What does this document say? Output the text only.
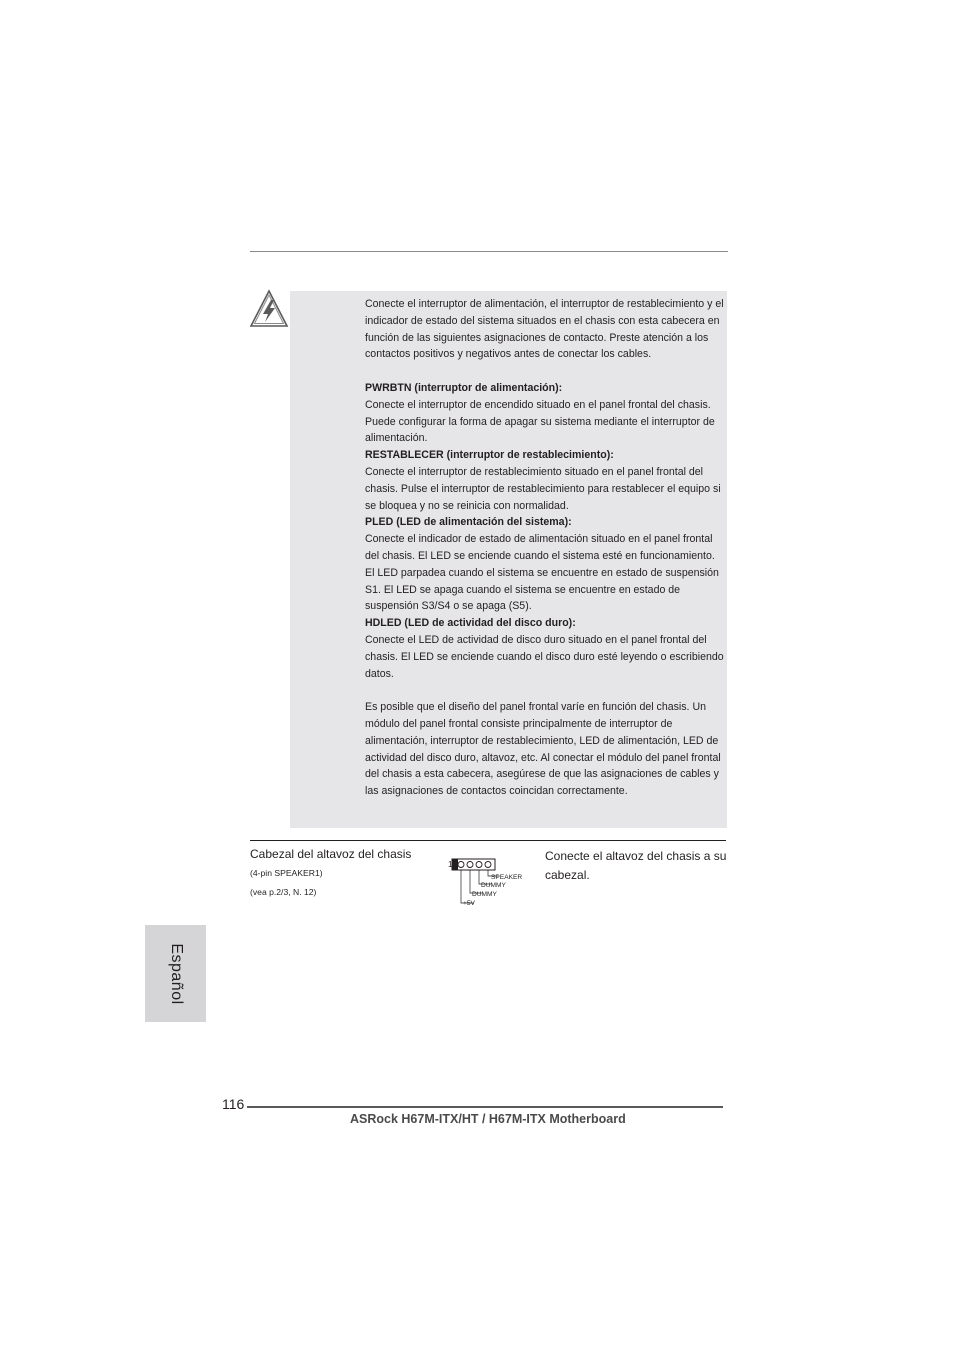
Conecte el interruptor de alimentación, el interruptor de restablecimiento y el indicador de estado del sistema situados en el chasis con esta cabecera en función de las siguientes asignaciones de contacto. Preste atención a los contactos positivos y negativos antes de conectar los cables.

PWRBTN (interruptor de alimentación):

Conecte el interruptor de encendido situado en el panel frontal del chasis. Puede configurar la forma de apagar su sistema mediante el interruptor de alimentación.

RESTABLECER (interruptor de restablecimiento):

Conecte el interruptor de restablecimiento situado en el panel frontal del chasis. Pulse el interruptor de restablecimiento para restablecer el equipo si se bloquea y no se reinicia con normalidad.

PLED (LED de alimentación del sistema):

Conecte el indicador de estado de alimentación situado en el panel frontal del chasis. El LED se enciende cuando el sistema esté en funcionamiento. El LED parpadea cuando el sistema se encuentre en estado de suspensión S1. El LED se apaga cuando el sistema se encuentre en estado de suspensión S3/S4 o se apaga (S5).

HDLED (LED de actividad del disco duro):

Conecte el LED de actividad de disco duro situado en el panel frontal del chasis. El LED se enciende cuando el disco duro esté leyendo o escribiendo datos.

Es posible que el diseño del panel frontal varíe en función del chasis. Un módulo del panel frontal consiste principalmente de interruptor de alimentación, interruptor de restablecimiento, LED de alimentación, LED de actividad del disco duro, altavoz, etc. Al conectar el módulo del panel frontal del chasis a esta cabecera, asegúrese de que las asignaciones de cables y las asignaciones de contactos coincidan correctamente.

Cabezal del altavoz del chasis
(4-pin SPEAKER1)
(vea p.2/3, N. 12)
1
SPEAKER
DUMMY
DUMMY
+5V
Conecte el altavoz del chasis a su cabezal.
Español
116
ASRock H67M-ITX/HT / H67M-ITX Motherboard
